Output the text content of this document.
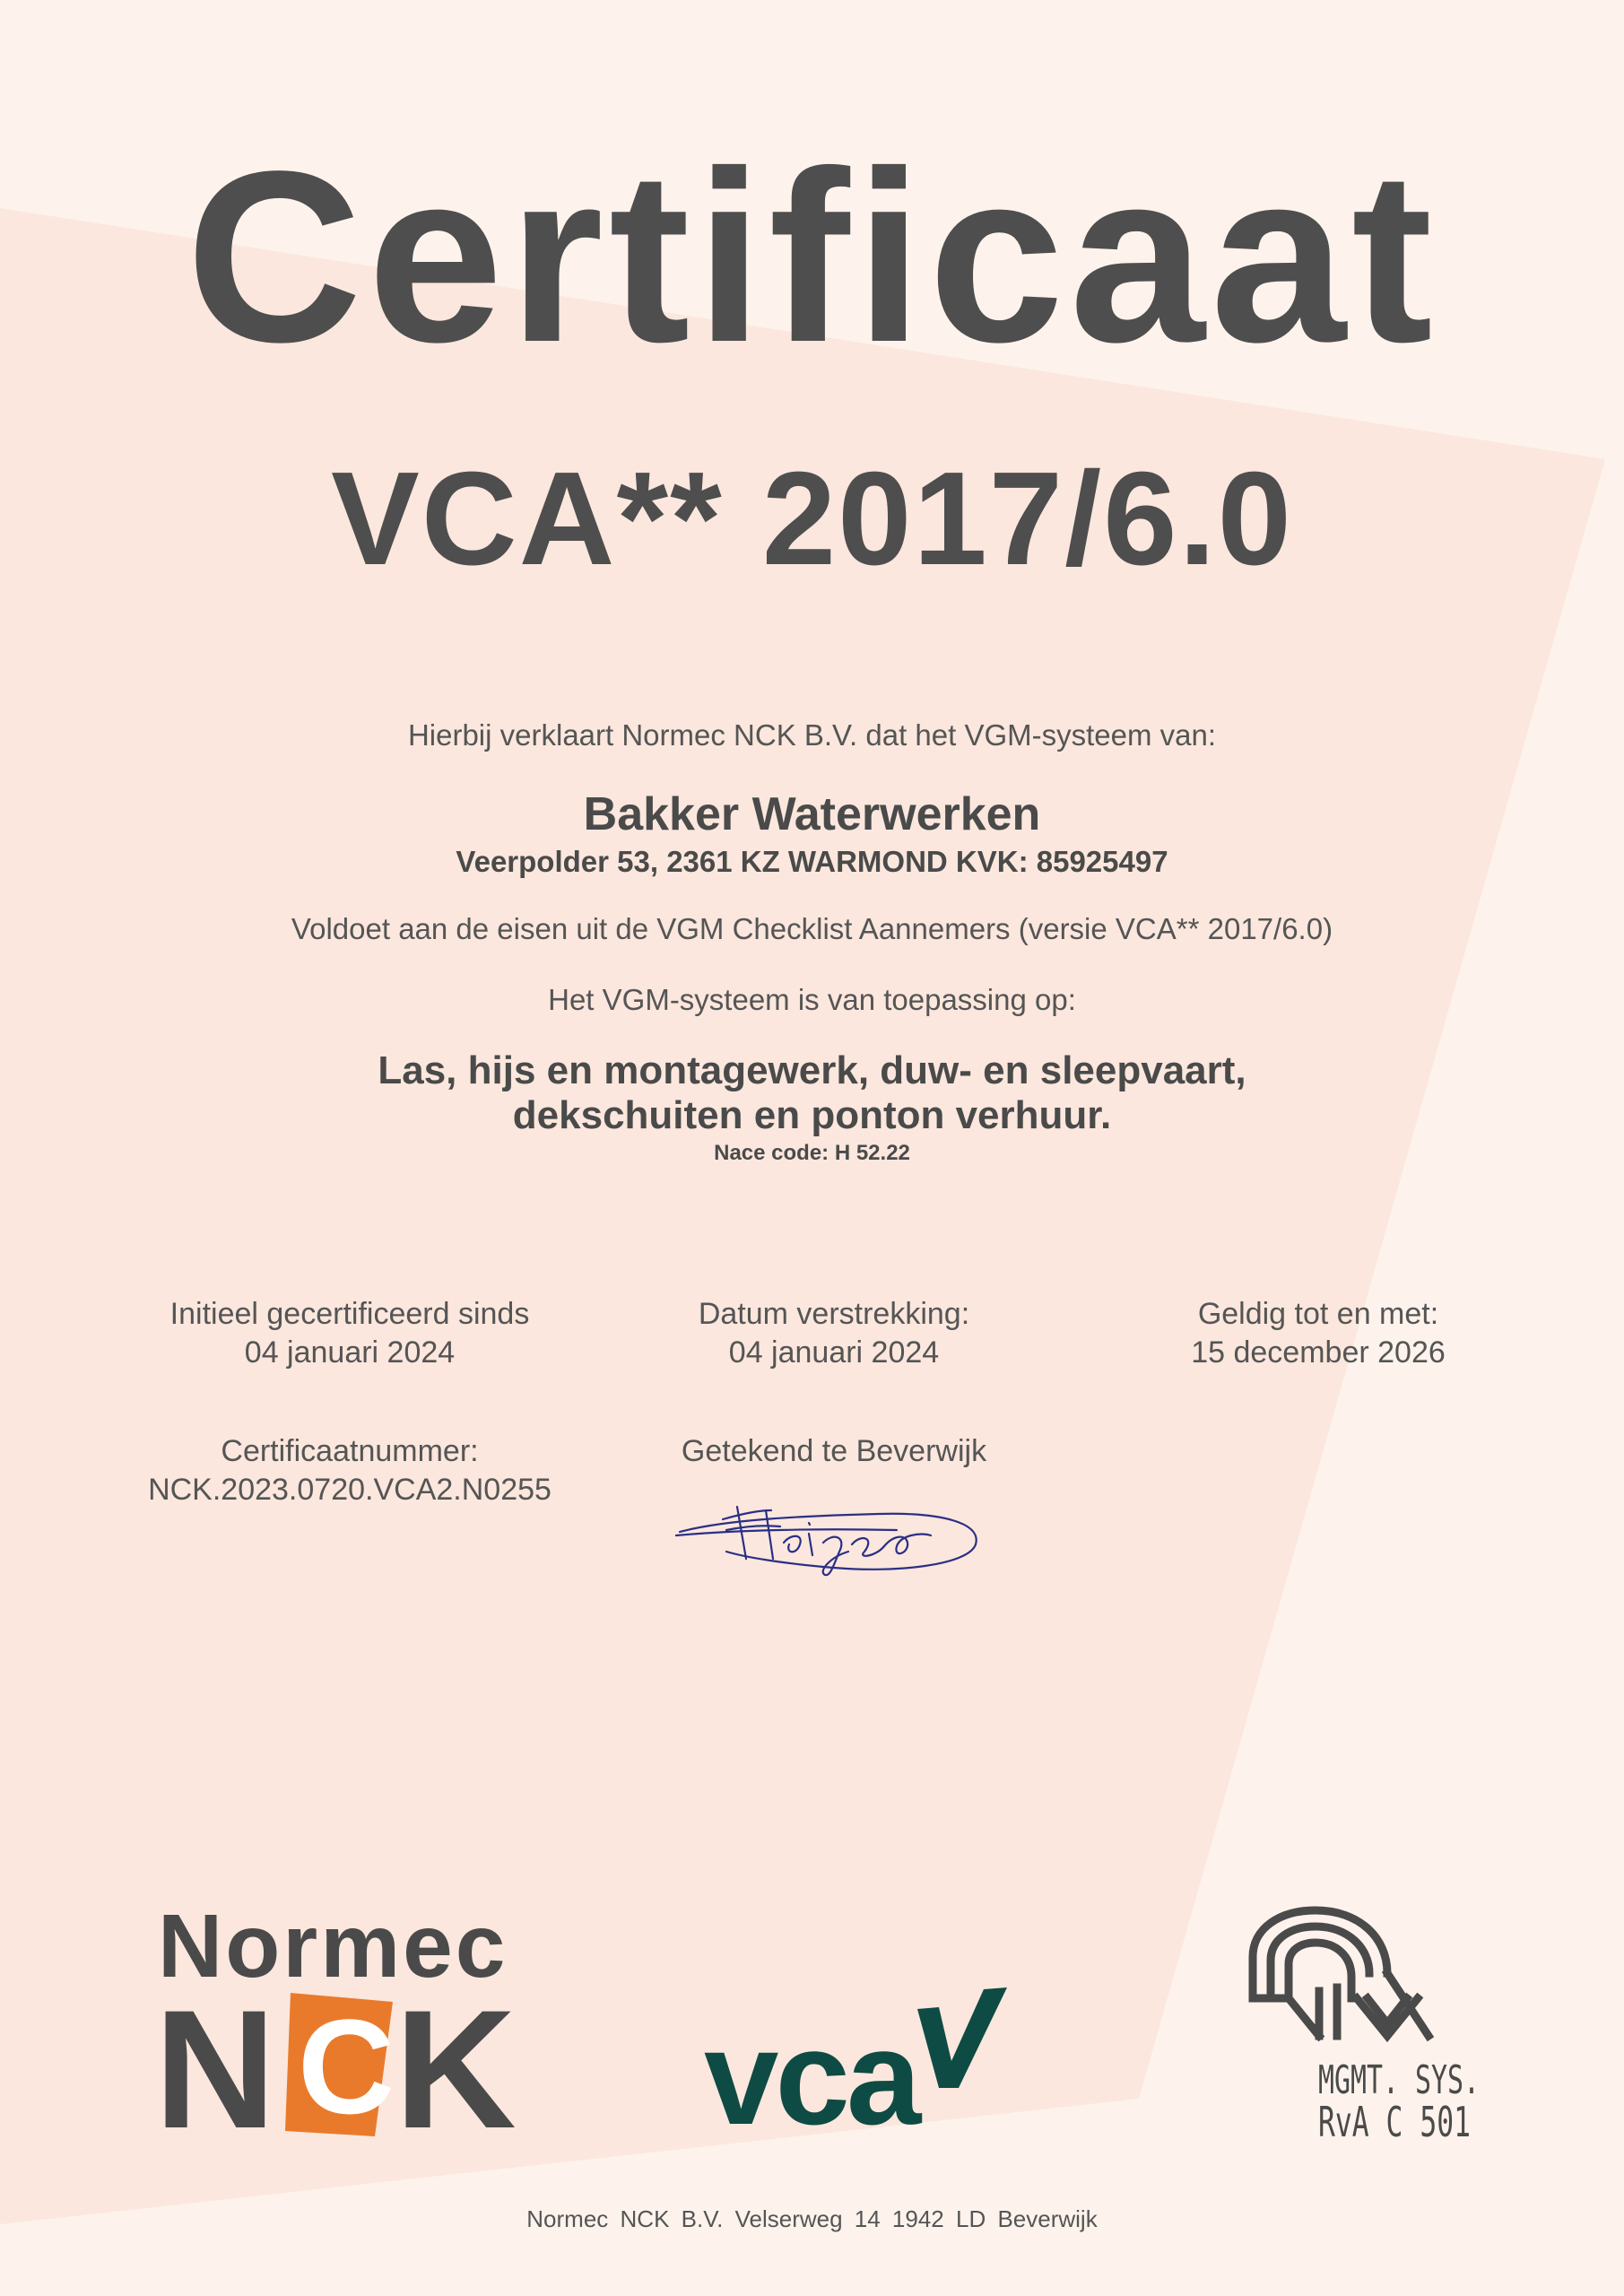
Certificaat
VCA** 2017/6.0
Hierbij verklaart Normec NCK B.V. dat het VGM-systeem van:
Bakker Waterwerken
Veerpolder 53, 2361 KZ WARMOND KVK: 85925497
Voldoet aan de eisen uit de VGM Checklist Aannemers (versie VCA** 2017/6.0)
Het VGM-systeem is van toepassing op:
Las, hijs en montagewerk, duw- en sleepvaart,
dekschuiten en ponton verhuur.
Nace code: H 52.22
Initieel gecertificeerd sinds
04 januari 2024
Datum verstrekking:
04 januari 2024
Geldig tot en met:
15 december 2026
Certificaatnummer:
NCK.2023.0720.VCA2.N0255
Getekend te Beverwijk
Normec
N C K vca	MGMT. SYS.
RvA C 501
Normec NCK B.V. Velserweg 14 1942 LD Beverwijk
